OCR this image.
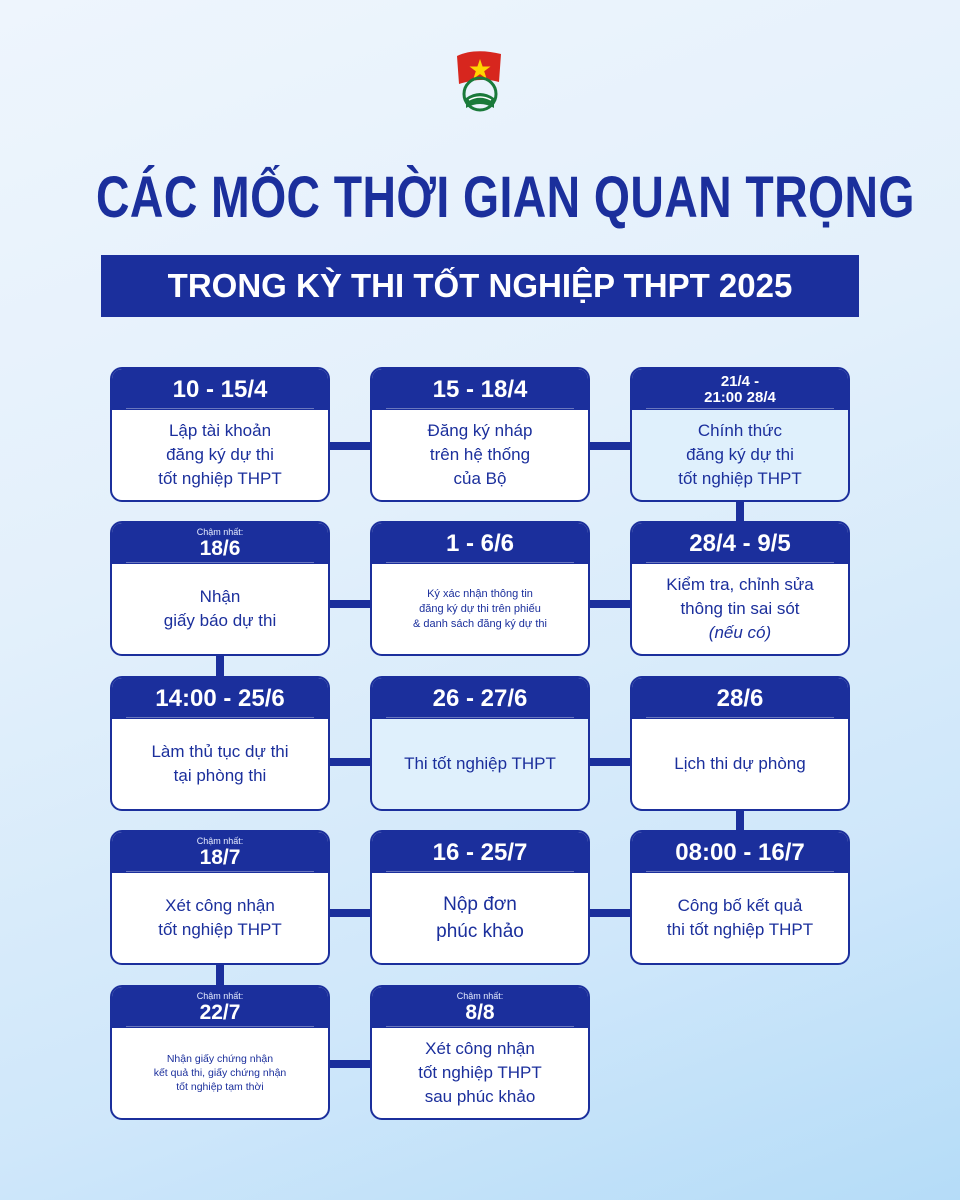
CÁC MỐC THỜI GIAN QUAN TRỌNG
TRONG KỲ THI TỐT NGHIỆP THPT 2025
10 - 15/4
Lập tài khoản
đăng ký dự thi
tốt nghiệp THPT
15 - 18/4
Đăng ký nháp
trên hệ thống
của Bộ
21/4 -
21:00 28/4
Chính thức
đăng ký dự thi
tốt nghiệp THPT
Chậm nhất:
18/6
Nhận
giấy báo dự thi
1 - 6/6
Ký xác nhận thông tin
đăng ký dự thi trên phiếu
& danh sách đăng ký dự thi
28/4 - 9/5
Kiểm tra, chỉnh sửa
thông tin sai sót
(nếu có)
14:00 - 25/6
Làm thủ tục dự thi
tại phòng thi
26 - 27/6
Thi tốt nghiệp THPT
28/6
Lịch thi dự phòng
Chậm nhất:
18/7
Xét công nhận
tốt nghiệp THPT
16 - 25/7
Nộp đơn
phúc khảo
08:00 - 16/7
Công bố kết quả
thi tốt nghiệp THPT
Chậm nhất:
22/7
Nhận giấy chứng nhận
kết quả thi, giấy chứng nhận
tốt nghiệp tạm thời
Chậm nhất:
8/8
Xét công nhận
tốt nghiệp THPT
sau phúc khảo
